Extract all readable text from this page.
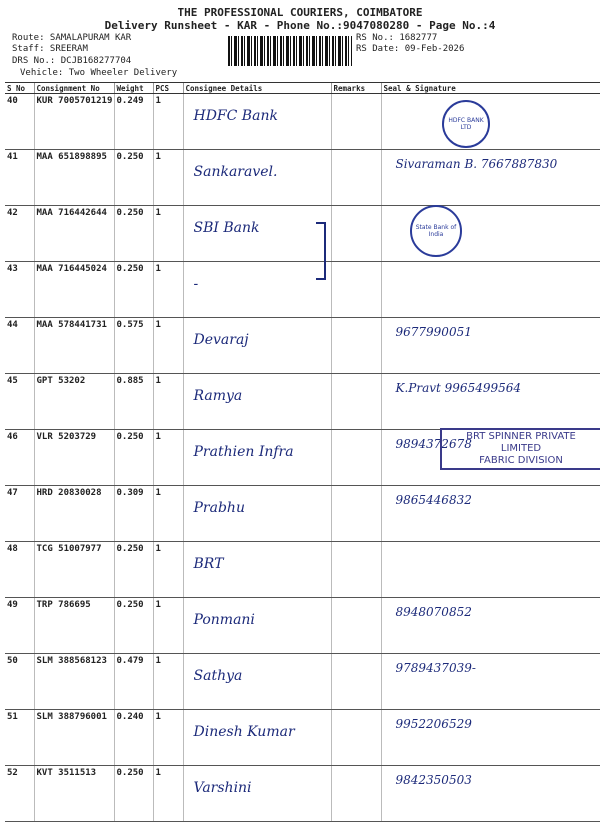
THE PROFESSIONAL COURIERS, COIMBATORE
Delivery Runsheet - KAR - Phone No.:9047080280 - Page No.:4
Route: SAMALAPURAM KAR
Staff: SREERAM
DRS No.: DCJB168277704
Vehicle: Two Wheeler Delivery
RS No.: 1682777
RS Date: 09-Feb-2026
S No	Consignment No	Weight	PCS	Consignee Details	Remarks	Seal & Signature
40	KUR 7005701219	0.249	1	HDFC Bank		
41	MAA 651898895	0.250	1	Sankaravel.		Sivaraman B. 7667887830
42	MAA 716442644	0.250	1	SBI Bank		
43	MAA 716445024	0.250	1	-		
44	MAA 578441731	0.575	1	Devaraj		9677990051
45	GPT 53202	0.885	1	Ramya		K.Pravt 9965499564
46	VLR 5203729	0.250	1	Prathien Infra		9894372678
47	HRD 20830028	0.309	1	Prabhu		9865446832
48	TCG 51007977	0.250	1	BRT		
49	TRP 786695	0.250	1	Ponmani		8948070852
50	SLM 388568123	0.479	1	Sathya		9789437039-
51	SLM 388796001	0.240	1	Dinesh Kumar		9952206529
52	KVT 3511513	0.250	1	Varshini		9842350503
HDFC BANK LTD
State Bank of India
BRT SPINNER PRIVATE LIMITED
FABRIC DIVISION
